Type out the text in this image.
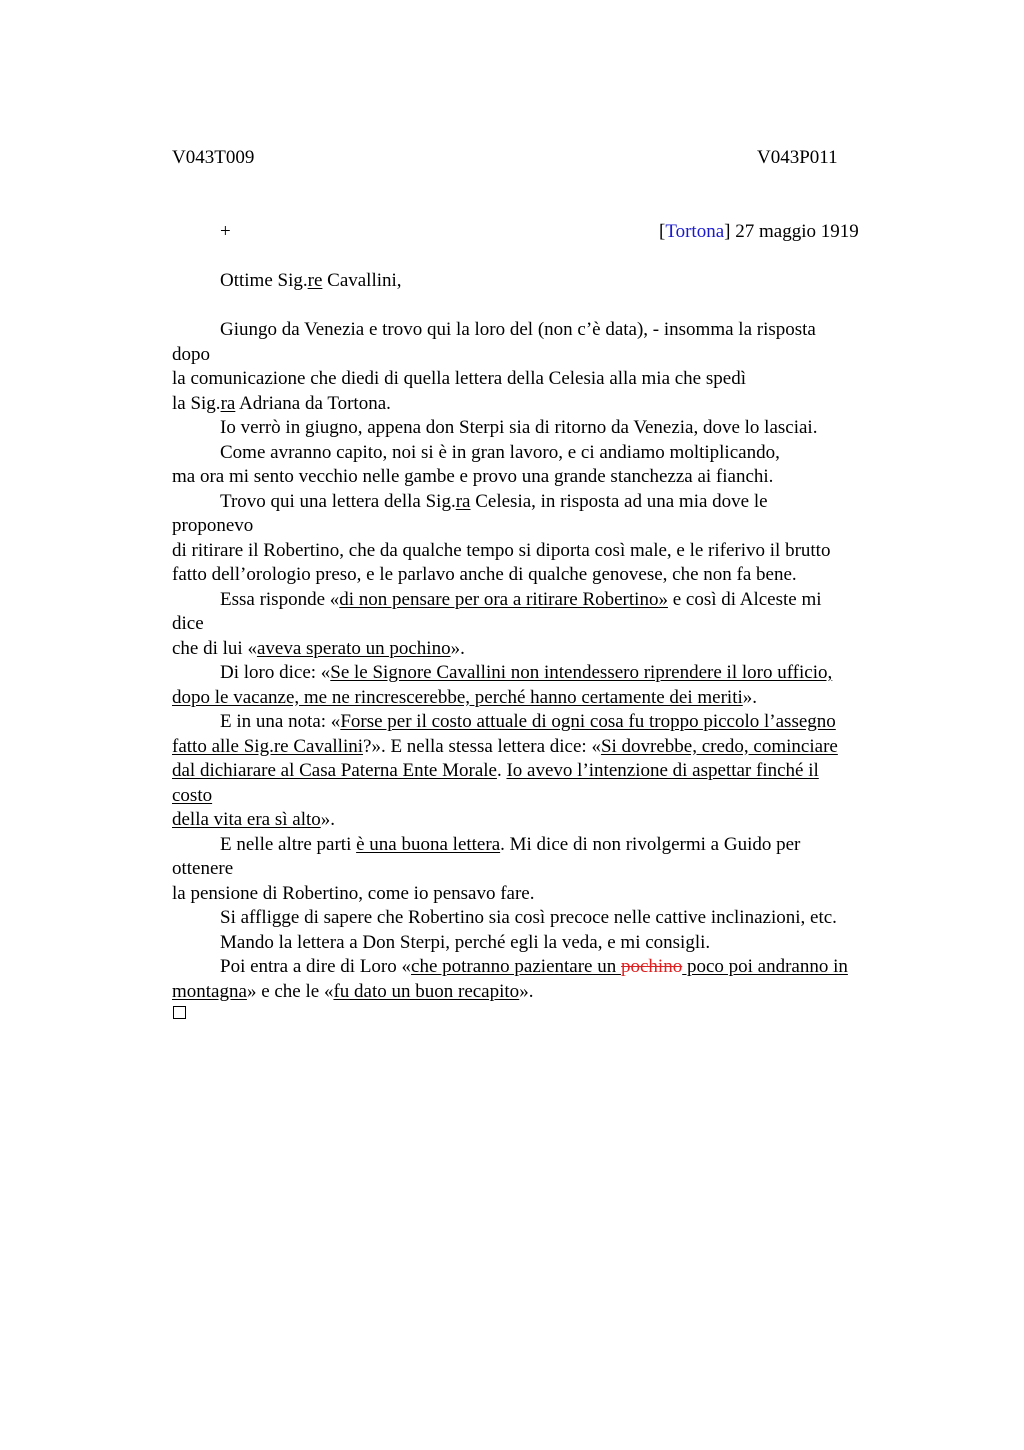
V043T009	V043P011
+	[Tortona] 27 maggio 1919
Ottime Sig.re Cavallini,
Giungo da Venezia e trovo qui la loro del (non c’è data), - insomma la risposta
dopo
la comunicazione che diedi di quella lettera della Celesia alla mia che spedì
la Sig.ra Adriana da Tortona.
Io verrò in giugno, appena don Sterpi sia di ritorno da Venezia, dove lo lasciai.
Come avranno capito, noi si è in gran lavoro, e ci andiamo moltiplicando,
ma ora mi sento vecchio nelle gambe e provo una grande stanchezza ai fianchi.
Trovo qui una lettera della Sig.ra Celesia, in risposta ad una mia dove le
proponevo
di ritirare il Robertino, che da qualche tempo si diporta così male, e le riferivo il brutto
fatto dell’orologio preso, e le parlavo anche di qualche genovese, che non fa bene.
Essa risponde «di non pensare per ora a ritirare Robertino» e così di Alceste mi
dice
che di lui «aveva sperato un pochino».
Di loro dice: «Se le Signore Cavallini non intendessero riprendere il loro ufficio,
dopo le vacanze, me ne rincrescerebbe, perché hanno certamente dei meriti».
E in una nota: «Forse per il costo attuale di ogni cosa fu troppo piccolo l’assegno
fatto alle Sig.re Cavallini?». E nella stessa lettera dice: «Si dovrebbe, credo, cominciare
dal dichiarare al Casa Paterna Ente Morale. Io avevo l’intenzione di aspettar finché il
costo
della vita era sì alto».
E nelle altre parti è una buona lettera. Mi dice di non rivolgermi a Guido per
ottenere
la pensione di Robertino, come io pensavo fare.
Si affligge di sapere che Robertino sia così precoce nelle cattive inclinazioni, etc.
Mando la lettera a Don Sterpi, perché egli la veda, e mi consigli.
Poi entra a dire di Loro «che potranno pazientare un pochino poco poi andranno in
montagna» e che le «fu dato un buon recapito».
